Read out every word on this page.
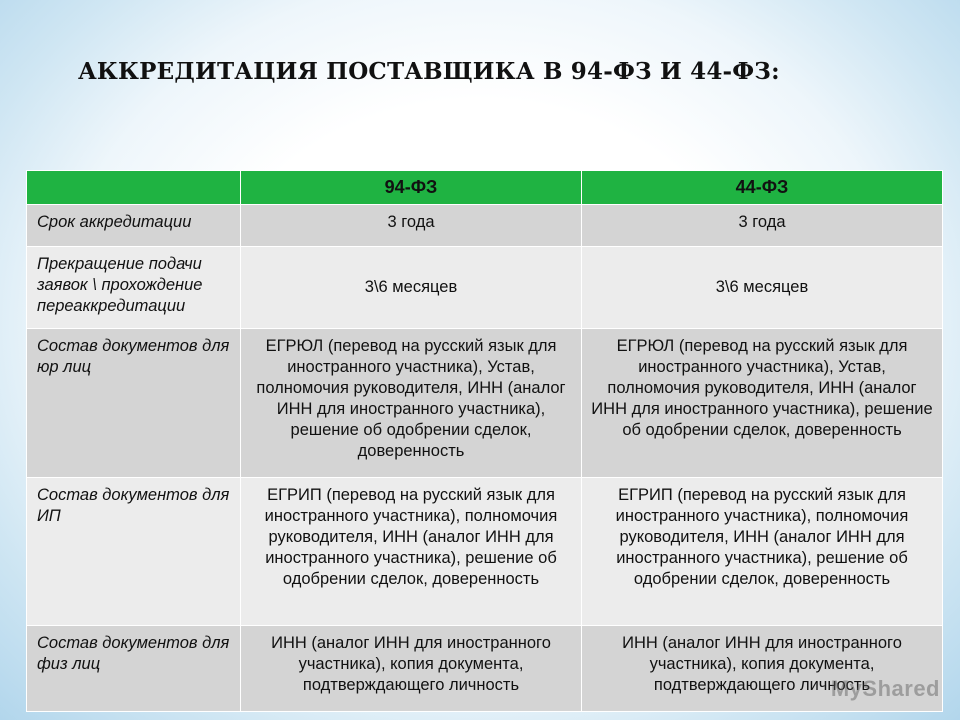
АККРЕДИТАЦИЯ ПОСТАВЩИКА В 94-ФЗ И 44-ФЗ:
	94-ФЗ	44-ФЗ
Срок аккредитации	3 года	3 года
Прекращение подачи заявок \ прохождение переаккредитации	3\6 месяцев	3\6 месяцев
Состав документов для юр лиц	ЕГРЮЛ (перевод на русский язык для иностранного участника), Устав, полномочия руководителя, ИНН (аналог ИНН для иностранного участника), решение об одобрении сделок, доверенность	ЕГРЮЛ (перевод на русский язык для иностранного участника), Устав, полномочия руководителя, ИНН (аналог ИНН для иностранного участника), решение об одобрении сделок, доверенность
Состав документов для ИП	ЕГРИП (перевод на русский язык для иностранного участника), полномочия руководителя, ИНН (аналог ИНН для иностранного участника), решение об одобрении сделок, доверенность	ЕГРИП (перевод на русский язык для иностранного участника), полномочия руководителя, ИНН (аналог ИНН для иностранного участника), решение об одобрении сделок, доверенность
Состав документов для физ лиц	ИНН (аналог ИНН для иностранного участника), копия документа, подтверждающего личность	ИНН (аналог ИНН для иностранного участника), копия документа, подтверждающего личность
MyShared
